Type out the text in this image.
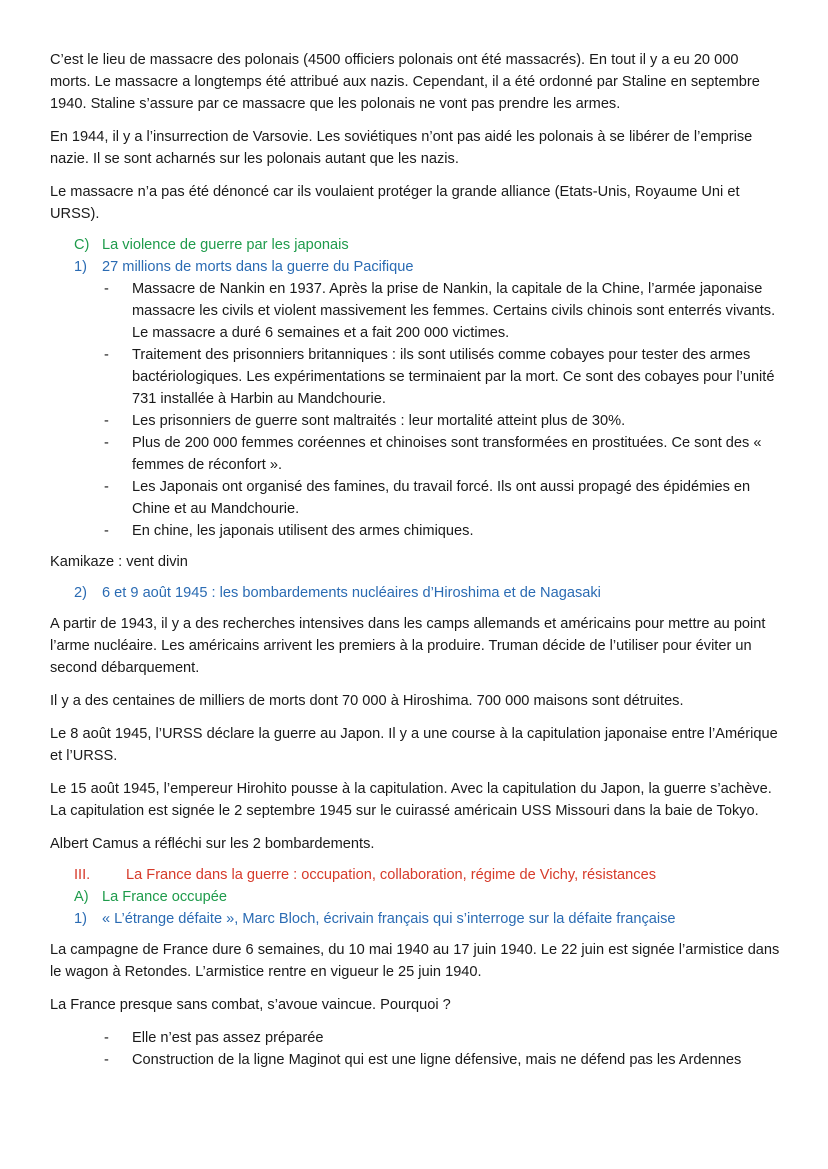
C’est le lieu de massacre des polonais (4500 officiers polonais ont été massacrés). En tout il y a eu 20 000 morts. Le massacre a longtemps été attribué aux nazis. Cependant, il a été ordonné par Staline en septembre 1940. Staline s’assure par ce massacre que les polonais ne vont pas prendre les armes.

En 1944, il y a l’insurrection de Varsovie. Les soviétiques n’ont pas aidé les polonais à se libérer de l’emprise nazie. Il se sont acharnés sur les polonais autant que les nazis.

Le massacre n’a pas été dénoncé car ils voulaient protéger la grande alliance (Etats-Unis, Royaume Uni et URSS).

C) La violence de guerre par les japonais
1)	27 millions de morts dans la guerre du Pacifique
- Massacre de Nankin en 1937. Après la prise de Nankin, la capitale de la Chine, l’armée japonaise massacre les civils et violent massivement les femmes. Certains civils chinois sont enterrés vivants. Le massacre a duré 6 semaines et a fait 200 000 victimes.
- Traitement des prisonniers britanniques : ils sont utilisés comme cobayes pour tester des armes bactériologiques. Les expérimentations se terminaient par la mort. Ce sont des cobayes pour l’unité 731 installée à Harbin au Mandchourie.
- Les prisonniers de guerre sont maltraités : leur mortalité atteint plus de 30%.
- Plus de 200 000 femmes coréennes et chinoises sont transformées en prostituées. Ce sont des « femmes de réconfort ».
- Les Japonais ont organisé des famines, du travail forcé. Ils ont aussi propagé des épidémies en Chine et au Mandchourie.
- En chine, les japonais utilisent des armes chimiques.

Kamikaze : vent divin

2)	6 et 9 août 1945 : les bombardements nucléaires d’Hiroshima et de Nagasaki

A partir de 1943, il y a des recherches intensives dans les camps allemands et américains pour mettre au point l’arme nucléaire. Les américains arrivent les premiers à la produire. Truman décide de l’utiliser pour éviter un second débarquement.

Il y a des centaines de milliers de morts dont 70 000 à Hiroshima. 700 000 maisons sont détruites.

Le 8 août 1945, l’URSS déclare la guerre au Japon. Il y a une course à la capitulation japonaise entre l’Amérique et l’URSS.

Le 15 août 1945, l’empereur Hirohito pousse à la capitulation. Avec la capitulation du Japon, la guerre s’achève. La capitulation est signée le 2 septembre 1945 sur le cuirassé américain USS Missouri dans la baie de Tokyo.

Albert Camus a réfléchi sur les 2 bombardements.

III.	La France dans la guerre : occupation, collaboration, régime de Vichy, résistances
A) La France occupée
1)	« L’étrange défaite », Marc Bloch, écrivain français qui s’interroge sur la défaite française

La campagne de France dure 6 semaines, du 10 mai 1940 au 17 juin 1940. Le 22 juin est signée l’armistice dans le wagon à Retondes. L’armistice rentre en vigueur le 25 juin 1940.

La France presque sans combat, s’avoue vaincue. Pourquoi ?

- Elle n’est pas assez préparée
- Construction de la ligne Maginot qui est une ligne défensive, mais ne défend pas les Ardennes
